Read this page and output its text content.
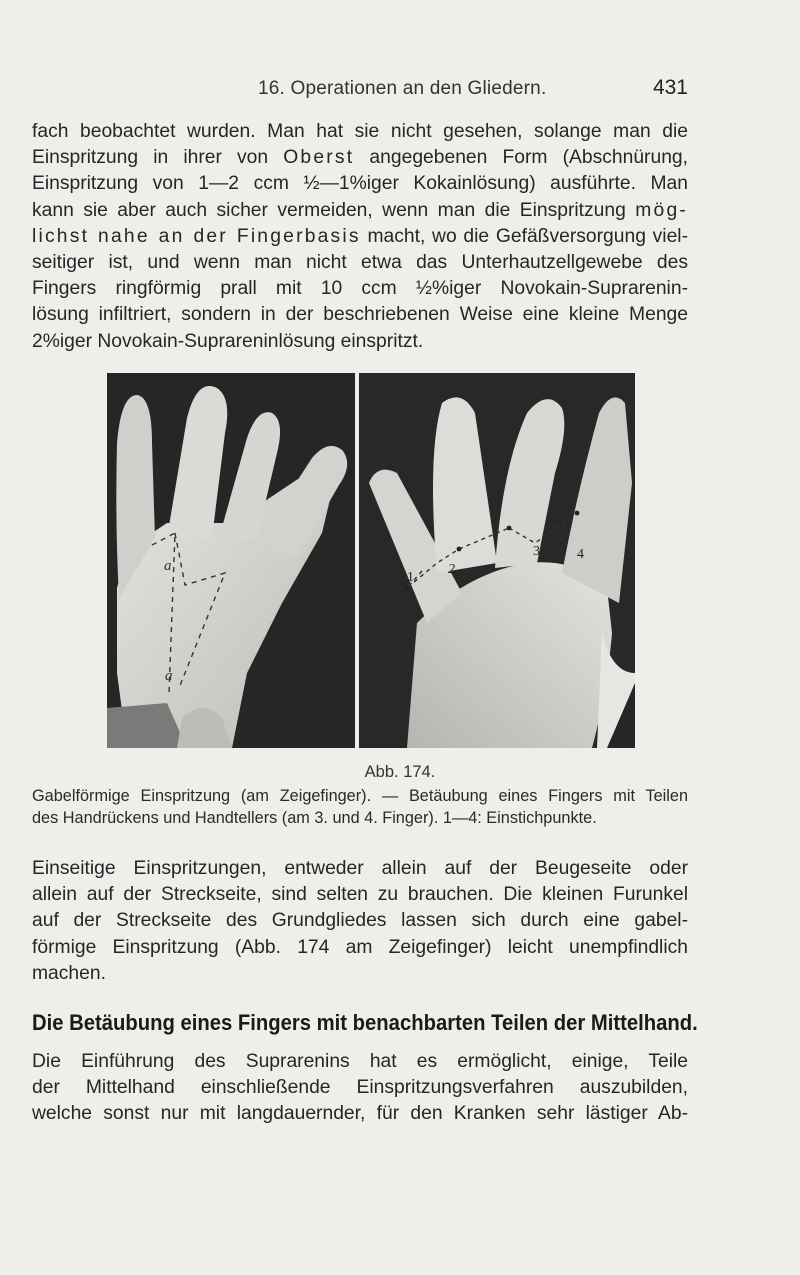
16. Operationen an den Gliedern.	431
fach beobachtet wurden. Man hat sie nicht gesehen, solange man die
Einspritzung in ihrer von Oberst angegebenen Form (Abschnürung,
Einspritzung von 1—2 ccm ½—1%iger Kokainlösung) ausführte. Man
kann sie aber auch sicher vermeiden, wenn man die Einspritzung mög-
lichst nahe an der Fingerbasis macht, wo die Gefäßversorgung viel-
seitiger ist, und wenn man nicht etwa das Unterhautzellgewebe des
Fingers ringförmig prall mit 10 ccm ½%iger Novokain-Suprarenin-
lösung infiltriert, sondern in der beschriebenen Weise eine kleine Menge
2%iger Novokain-Suprareninlösung einspritzt.
a
a
1
2
3	4
Abb. 174.
Gabelförmige Einspritzung (am Zeigefinger). — Betäubung eines Fingers mit Teilen
des Handrückens und Handtellers (am 3. und 4. Finger). 1—4: Einstichpunkte.
Einseitige Einspritzungen, entweder allein auf der Beugeseite oder
allein auf der Streckseite, sind selten zu brauchen. Die kleinen Furunkel
auf der Streckseite des Grundgliedes lassen sich durch eine gabel-
förmige Einspritzung (Abb. 174 am Zeigefinger) leicht unempfindlich
machen.
Die Betäubung eines Fingers mit benachbarten Teilen der Mittelhand.
Die Einführung des Suprarenins hat es ermöglicht, einige, Teile
der Mittelhand einschließende Einspritzungsverfahren auszubilden,
welche sonst nur mit langdauernder, für den Kranken sehr lästiger Ab-
